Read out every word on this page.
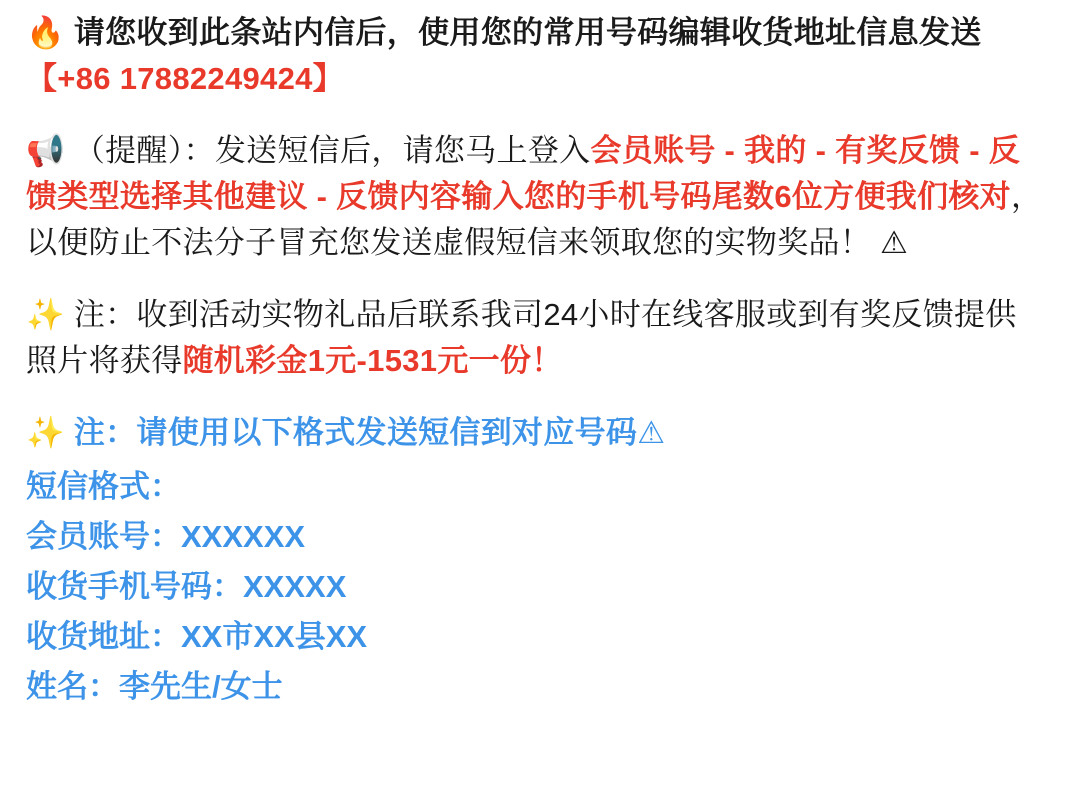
🔥 请您收到此条站内信后，使用您的常用号码编辑收货地址信息发送 【+86 17882249424】

📢 （提醒）：发送短信后，请您马上登入会员账号 - 我的 - 有奖反馈 - 反馈类型选择其他建议 - 反馈内容输入您的手机号码尾数6位方便我们核对，以便防止不法分子冒充您发送虚假短信来领取您的实物奖品！ ⚠

✨ 注：收到活动实物礼品后联系我司24小时在线客服或到有奖反馈提供照片将获得随机彩金1元-1531元一份！

✨ 注：请使用以下格式发送短信到对应号码⚠

短信格式：
会员账号：XXXXXX
收货手机号码：XXXXX
收货地址：XX市XX县XX
姓名：李先生/女士
